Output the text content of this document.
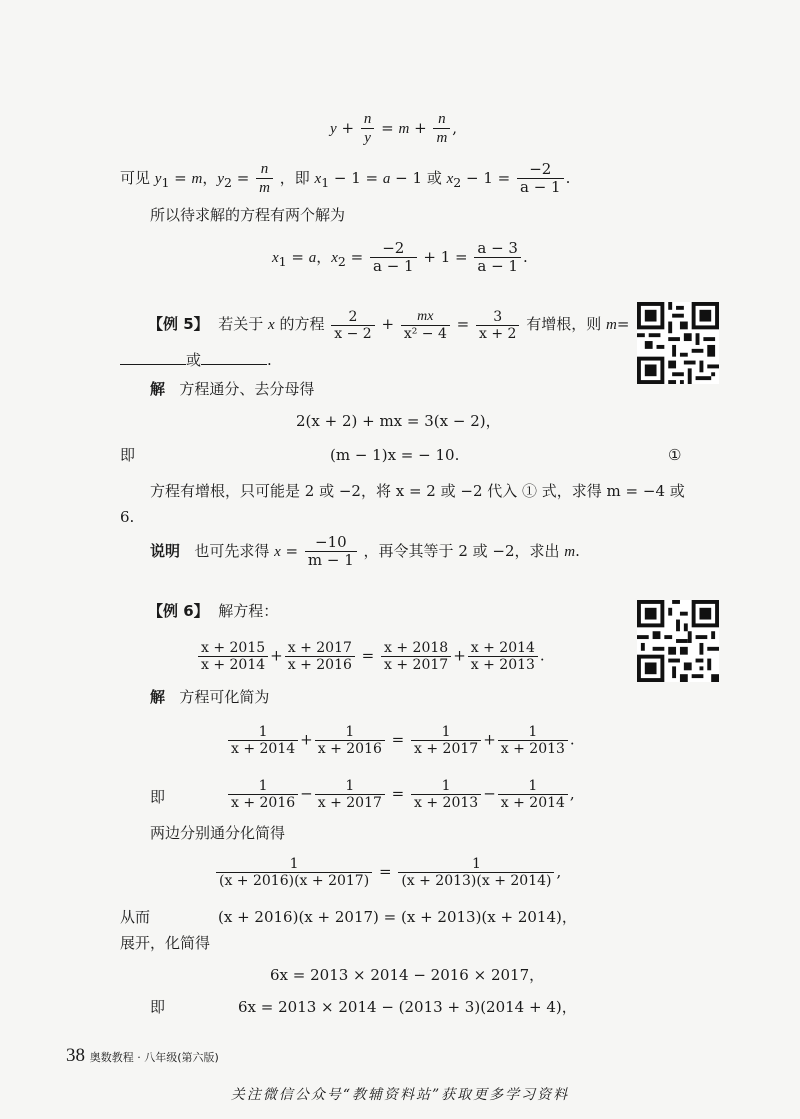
$y + \frac{n}{y} = m + \frac{n}{m}$ ,
可见 $y_1 = m$，$y_2 = \frac{n}{m}$ ，即 $x_1 - 1 = a - 1$ 或 $x_2 - 1 = \frac{-2}{a - 1}$ .
所以待求解的方程有两个解为
$x_1 = a$，$x_2 = \frac{-2}{a - 1} + 1 = \frac{a - 3}{a - 1}$ .
【例 5】 若关于 x 的方程 $\frac{2}{x - 2} + \frac{mx}{\text{x² − 4}} = \frac{3}{x + 2}$ 有增根，则 m=
或	.
解 方程通分、去分母得
2(x + 2) + mx = 3(x − 2)，
即	(m − 1)x = − 10.	①
方程有增根，只可能是 2 或 −2，将 x = 2 或 −2 代入 ① 式，求得 m = −4 或
6.
说明 也可先求得 $x = \frac{-10}{m - 1}$ ，再令其等于 2 或 −2，求出 m.
【例 6】 解方程：
$\frac{x + 2015}{x + 2014} + \frac{x + 2017}{x + 2016} = \frac{x + 2018}{x + 2017} + \frac{x + 2014}{x + 2013}$ .
解 方程可化简为
$\frac{1}{x + 2014} + \frac{1}{x + 2016} = \frac{1}{x + 2017} + \frac{1}{x + 2013}$ .
即	$\frac{1}{x + 2016} - \frac{1}{x + 2017} = \frac{1}{x + 2013} - \frac{1}{x + 2014}$ ,
两边分别通分化简得
$\frac{1}{(x + 2016)(x + 2017)} = \frac{1}{(x + 2013)(x + 2014)}$ ,
从而	(x + 2016)(x + 2017) = (x + 2013)(x + 2014)，
展开，化简得
6x = 2013 × 2014 − 2016 × 2017，
即	6x = 2013 × 2014 − (2013 + 3)(2014 + 4)，
38 奥数教程 · 八年级(第六版)
关注微信公众号“教辅资料站”获取更多学习资料
